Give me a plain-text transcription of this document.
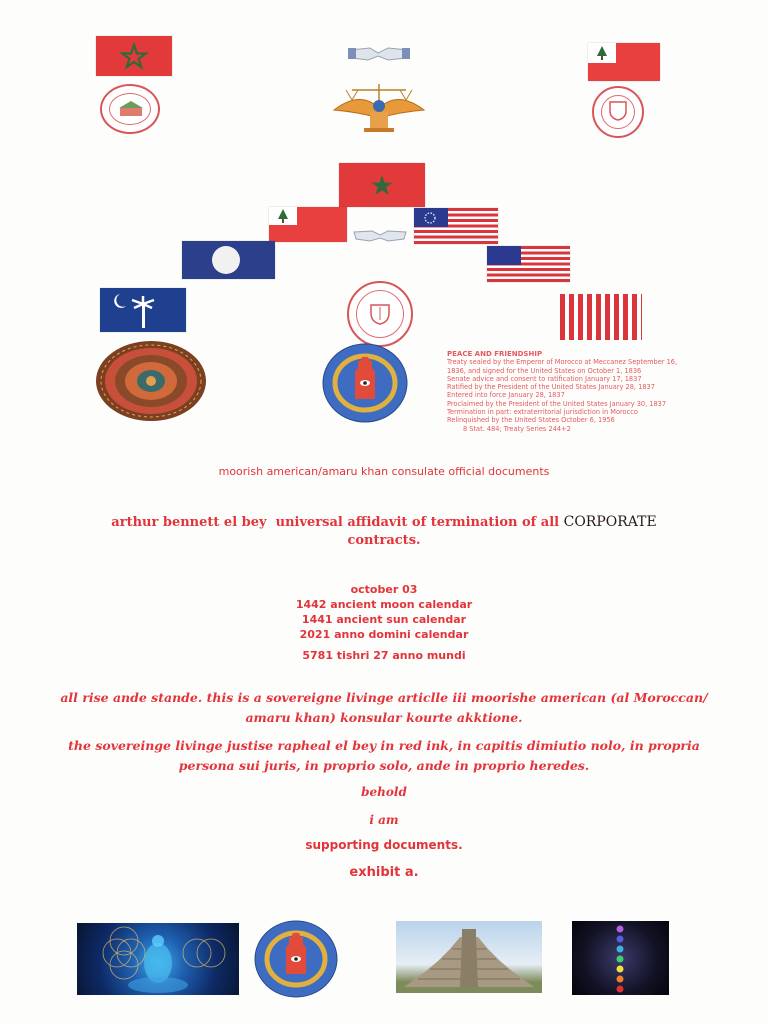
PEACE AND FRIENDSHIP
Treaty sealed by the Emperor of Morocco at Meccanez September 16,
1836, and signed for the United States on October 1, 1836
Senate advice and consent to ratification January 17, 1837
Ratified by the President of the United States January 28, 1837
Entered into force January 28, 1837
Proclaimed by the President of the United States January 30, 1837
Termination in part: extraterritorial jurisdiction in Morocco
Relinquished by the United States October 6, 1956
8 Stat. 484; Treaty Series 244+2
moorish american/amaru khan consulate official documents
arthur bennett el bey  universal affidavit of termination of all CORPORATE
contracts.
october 03
1442 ancient moon calendar
1441 ancient sun calendar
2021 anno domini calendar
5781 tishri 27 anno mundi
all rise ande stande. this is a sovereigne livinge articlle iii moorishe american (al Moroccan/
amaru khan) konsular kourte akktione.
the sovereinge livinge justise rapheal el bey in red ink, in capitis dimiutio nolo, in propria
persona sui juris, in proprio solo, ande in proprio heredes.
behold
i am
supporting documents.
exhibit a.
